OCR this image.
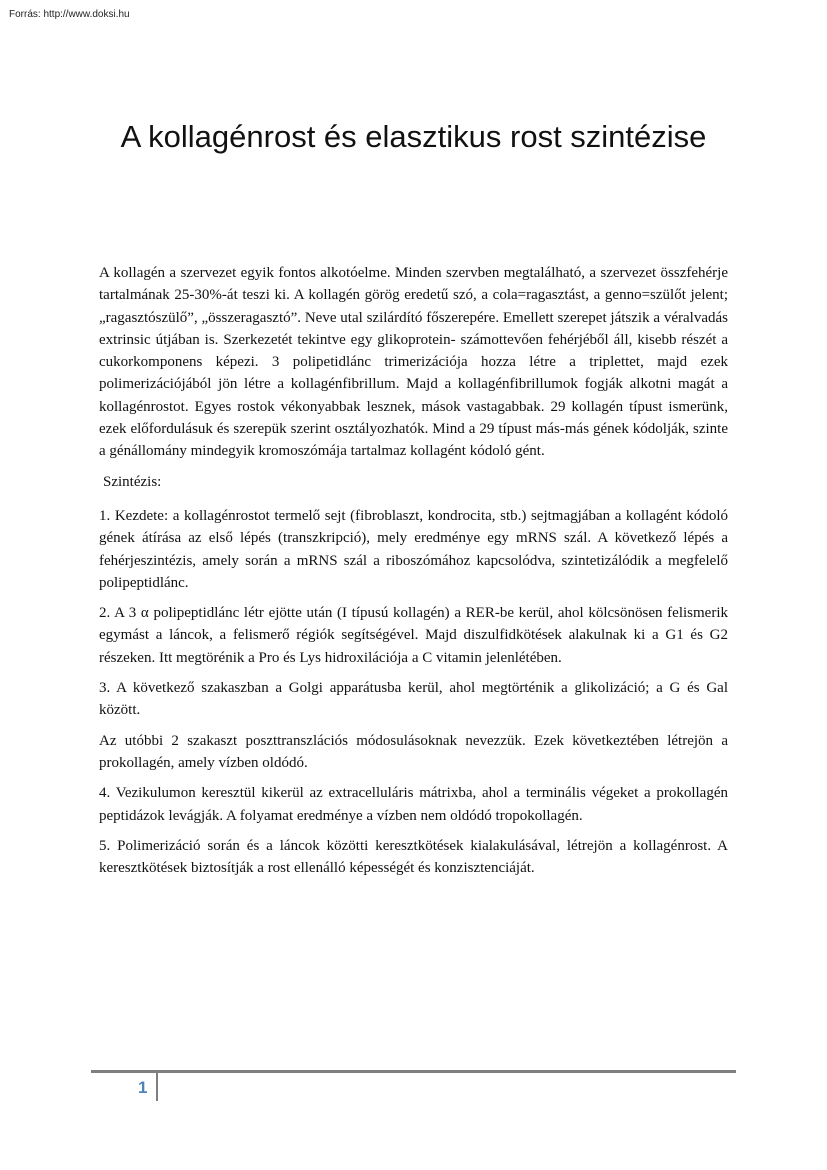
Forrás: http://www.doksi.hu
A kollagénrost és elasztikus rost szintézise

A kollagén a szervezet egyik fontos alkotóelme. Minden szervben megtalálható, a szervezet összfehérje tartalmának 25-30%-át teszi ki. A kollagén görög eredetű szó, a cola=ragasztást, a genno=szülőt jelent; „ragasztószülő”, „összeragasztó”. Neve utal szilárdító főszerepére. Emellett szerepet játszik a véralvadás extrinsic útjában is. Szerkezetét tekintve egy glikoprotein- számottevően fehérjéből áll, kisebb részét a cukorkomponens képezi. 3 polipetidlánc trimerizációja hozza létre a triplettet, majd ezek polimerizációjából jön létre a kollagénfibrillum. Majd a kollagénfibrillumok fogják alkotni magát a kollagénrostot. Egyes rostok vékonyabbak lesznek, mások vastagabbak. 29 kollagén típust ismerünk, ezek előfordulásuk és szerepük szerint osztályozhatók. Mind a 29 típust más-más gének kódolják, szinte a génállomány mindegyik kromoszómája tartalmaz kollagént kódoló gént.

Szintézis:

1. Kezdete: a kollagénrostot termelő sejt (fibroblaszt, kondrocita, stb.) sejtmagjában a kollagént kódoló gének átírása az első lépés (transzkripció), mely eredménye egy mRNS szál. A következő lépés a fehérjeszintézis, amely során a mRNS szál a riboszómához kapcsolódva, szintetizálódik a megfelelő polipeptidlánc.

2. A 3 α polipeptidlánc létr ejötte után (I típusú kollagén) a RER-be kerül, ahol kölcsönösen felismerik egymást a láncok, a felismerő régiók segítségével. Majd diszulfidkötések alakulnak ki a G1 és G2 részeken. Itt megtörénik a Pro és Lys hidroxilációja a C vitamin jelenlétében.

3. A következő szakaszban a Golgi apparátusba kerül, ahol megtörténik a glikolizáció; a G és Gal között.

Az utóbbi 2 szakaszt poszttranszlációs módosulásoknak nevezzük. Ezek következtében létrejön a prokollagén, amely vízben oldódó.

4. Vezikulumon keresztül kikerül az extracelluláris mátrixba, ahol a terminális végeket a prokollagén peptidázok levágják. A folyamat eredménye a vízben nem oldódó tropokollagén.

5. Polimerizáció során és a láncok közötti keresztkötések kialakulásával, létrejön a kollagénrost. A keresztkötések biztosítják a rost ellenálló képességét és konzisztenciáját.

1
